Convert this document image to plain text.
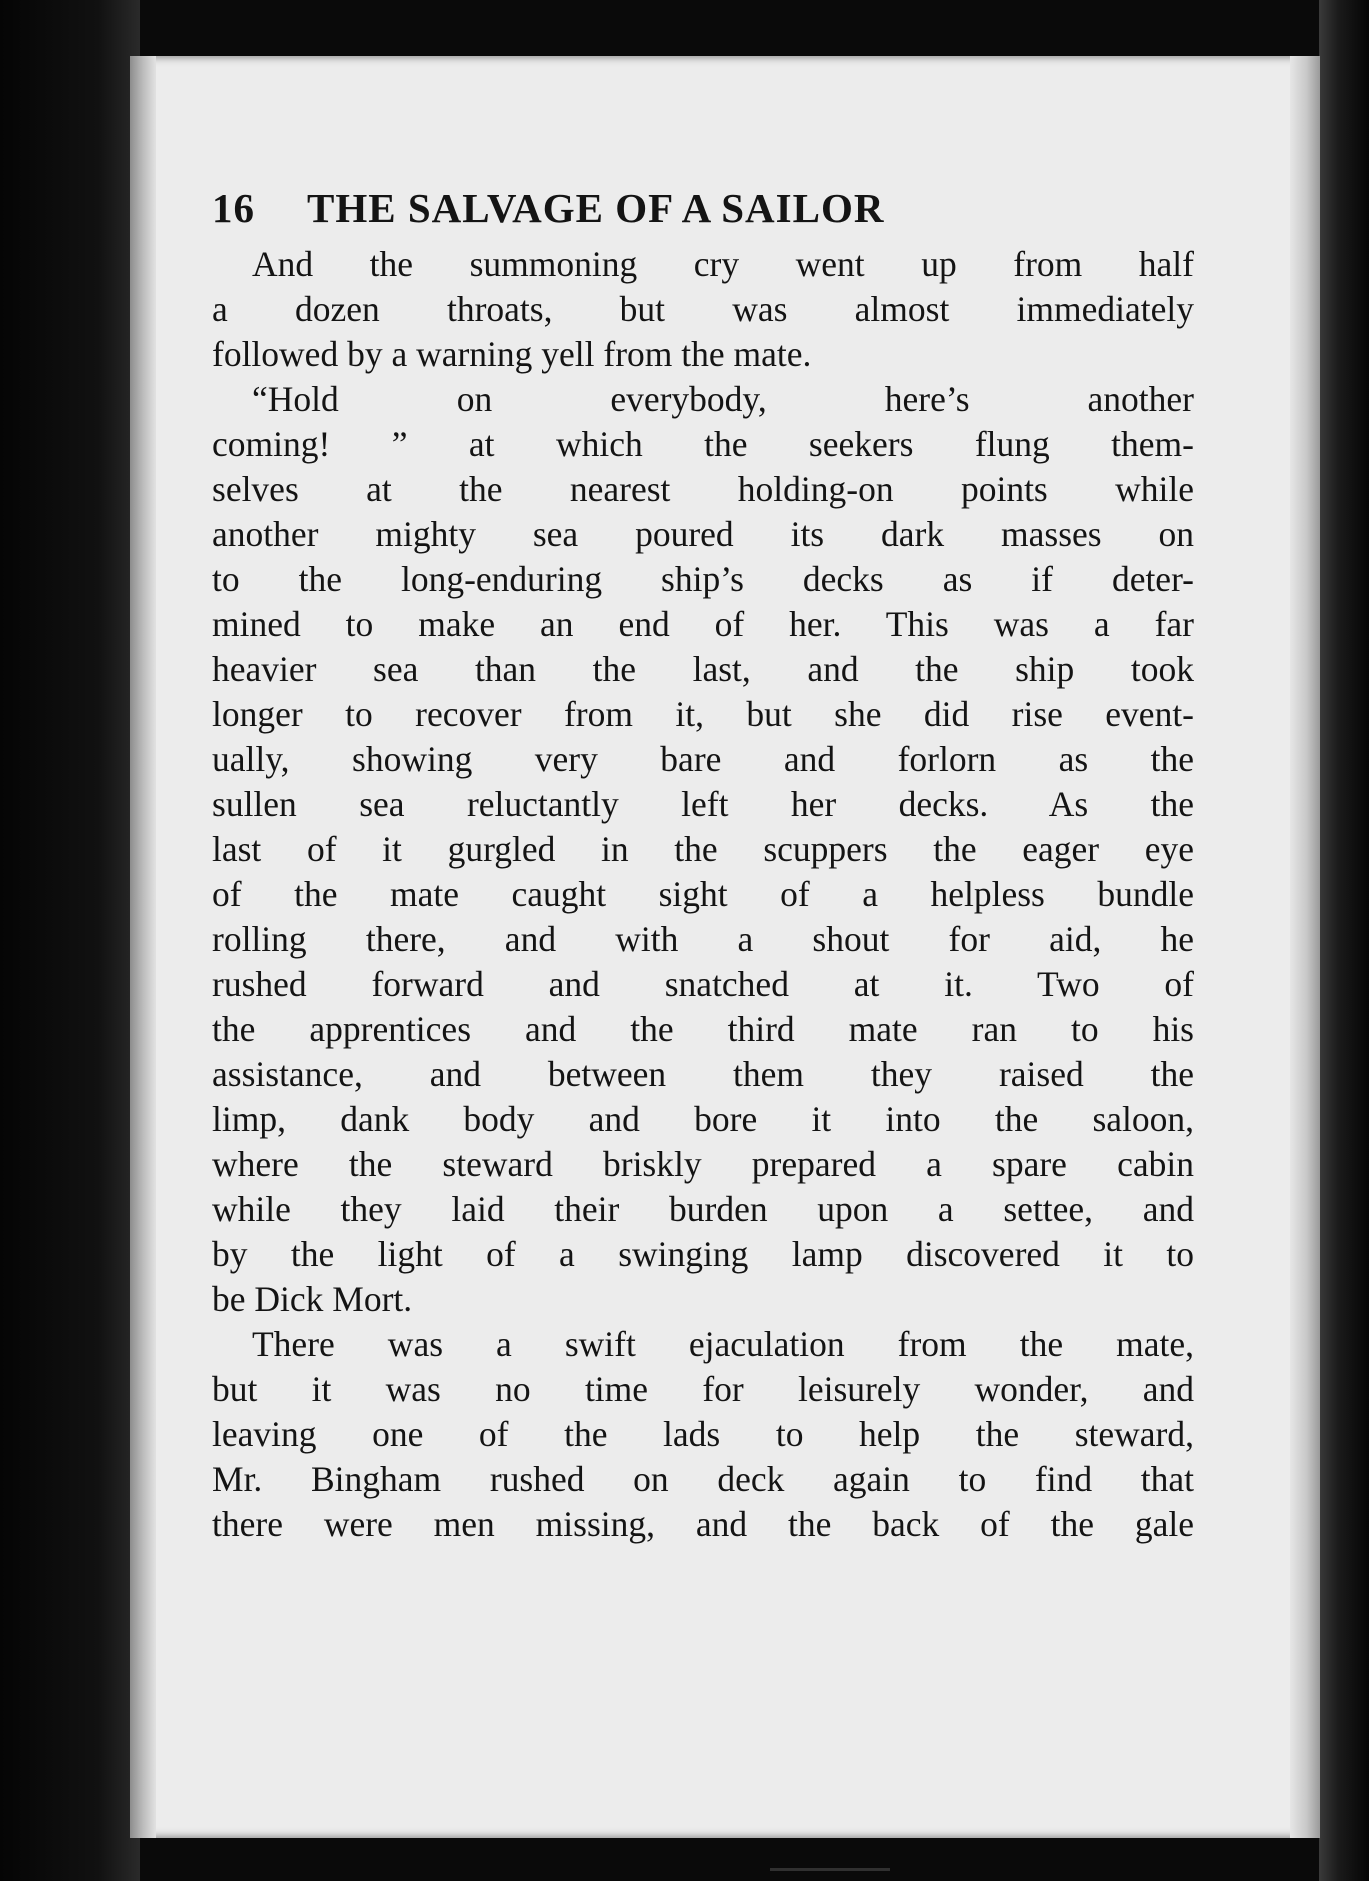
16	THE SALVAGE OF A SAILOR
And the summoning cry went up from half
a dozen throats, but was almost immediately
followed by a warning yell from the mate.
“Hold on everybody, here’s another
coming! ” at which the seekers flung them-
selves at the nearest holding-on points while
another mighty sea poured its dark masses on
to the long-enduring ship’s decks as if deter-
mined to make an end of her. This was a far
heavier sea than the last, and the ship took
longer to recover from it, but she did rise event-
ually, showing very bare and forlorn as the
sullen sea reluctantly left her decks. As the
last of it gurgled in the scuppers the eager eye
of the mate caught sight of a helpless bundle
rolling there, and with a shout for aid, he
rushed forward and snatched at it. Two of
the apprentices and the third mate ran to his
assistance, and between them they raised the
limp, dank body and bore it into the saloon,
where the steward briskly prepared a spare cabin
while they laid their burden upon a settee, and
by the light of a swinging lamp discovered it to
be Dick Mort.
There was a swift ejaculation from the mate,
but it was no time for leisurely wonder, and
leaving one of the lads to help the steward,
Mr. Bingham rushed on deck again to find that
there were men missing, and the back of the gale
